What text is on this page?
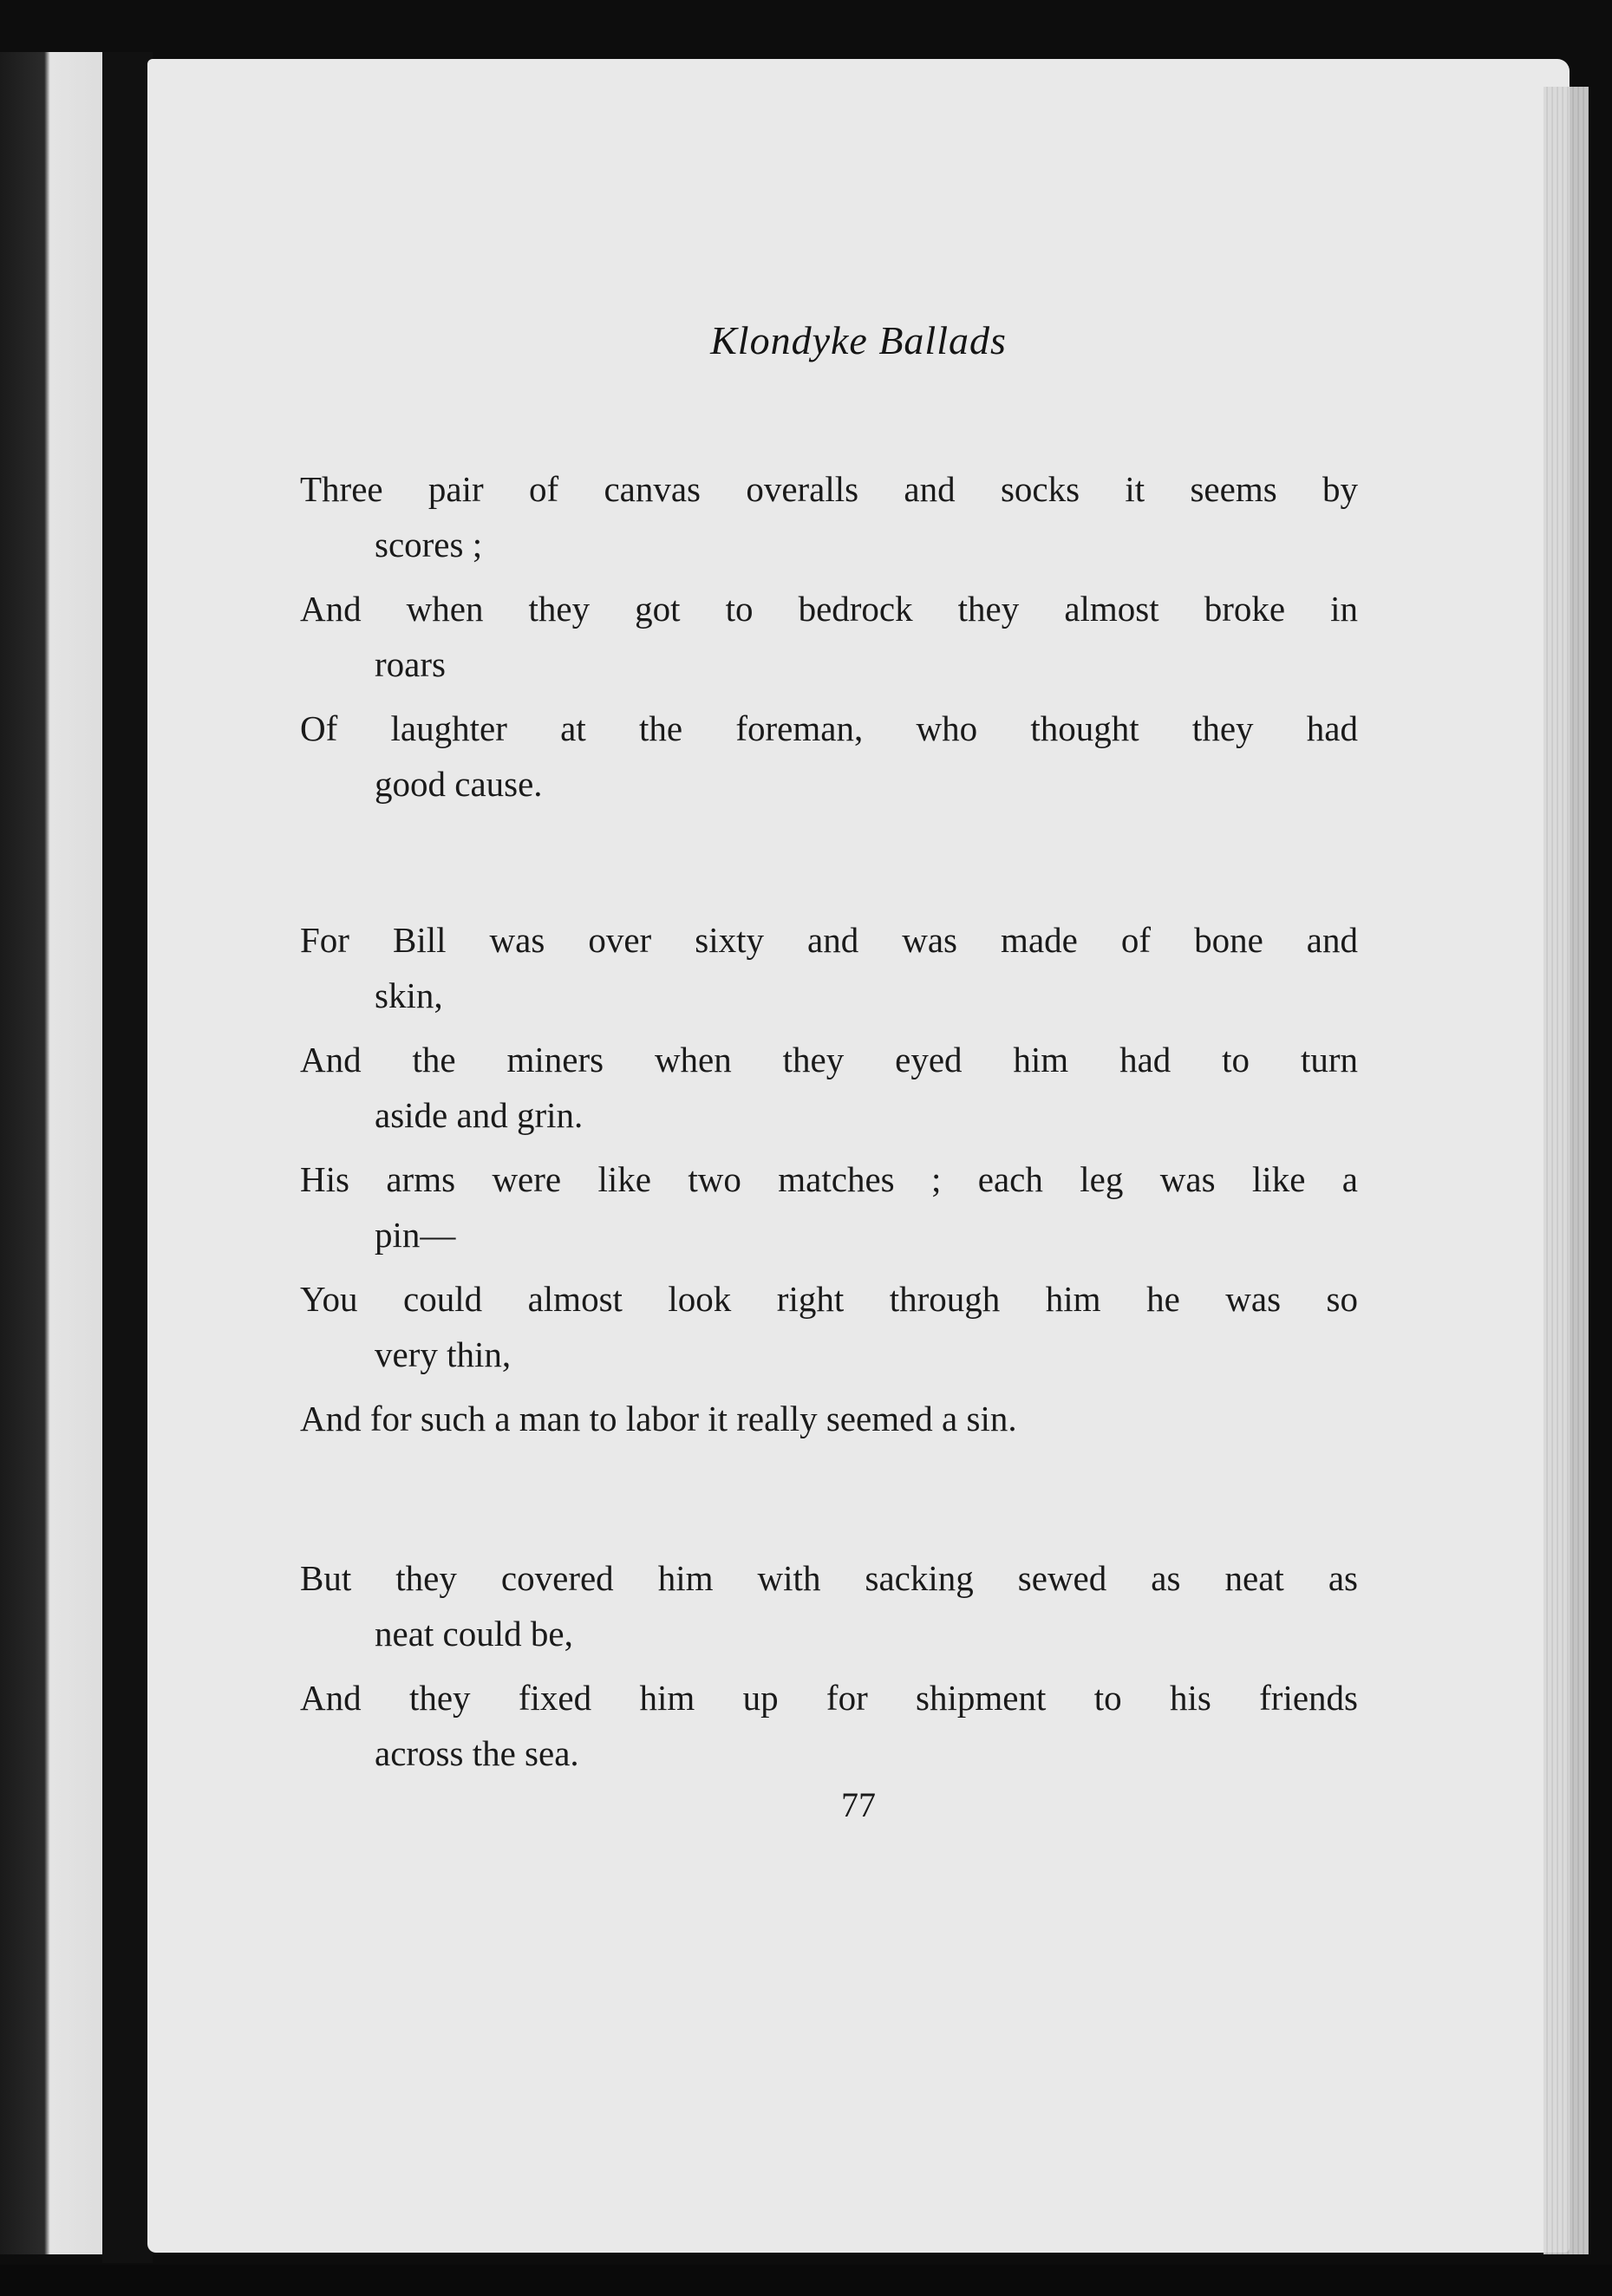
Klondyke Ballads

Three pair of canvas overalls and socks it seems by
scores ;

And when they got to bedrock they almost broke in
roars

Of laughter at the foreman, who thought they had
good cause.

For Bill was over sixty and was made of bone and
skin,

And the miners when they eyed him had to turn
aside and grin.

His arms were like two matches ; each leg was like a
pin—

You could almost look right through him he was so
very thin,

And for such a man to labor it really seemed a sin.

But they covered him with sacking sewed as neat as
neat could be,

And they fixed him up for shipment to his friends
across the sea.

77
